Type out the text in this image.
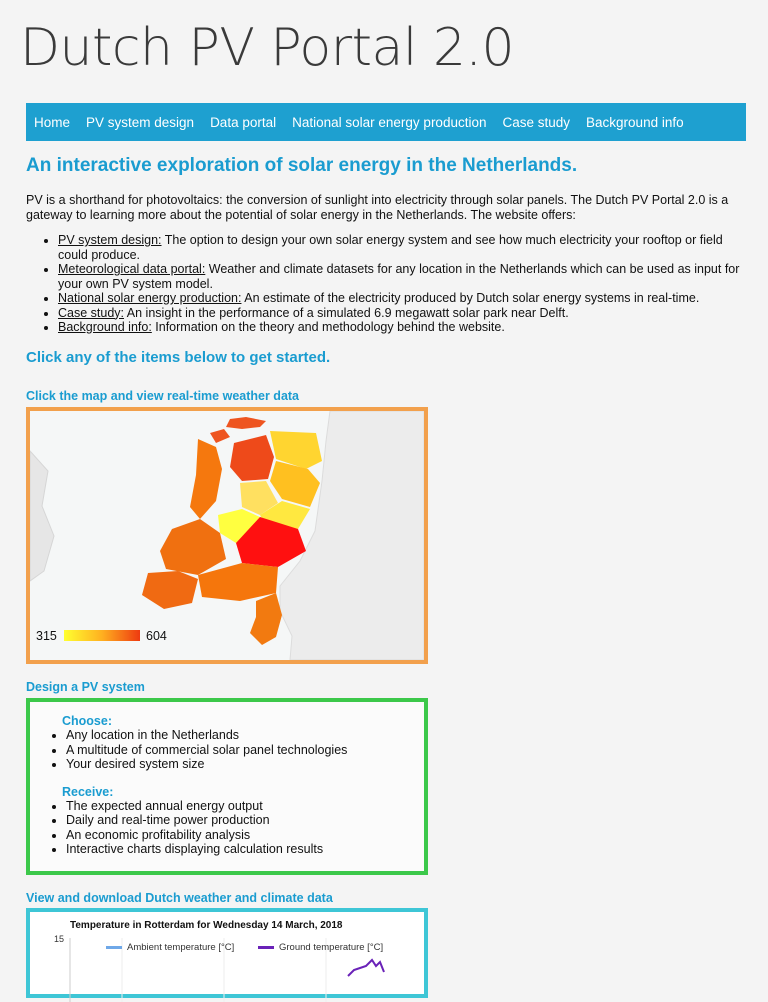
Dutch PV Portal 2.0
Home PV system design Data portal National solar energy production Case study Background info
An interactive exploration of solar energy in the Netherlands.

PV is a shorthand for photovoltaics: the conversion of sunlight into electricity through solar panels. The Dutch PV Portal 2.0 is a gateway to learning more about the potential of solar energy in the Netherlands. The website offers:

• PV system design: The option to design your own solar energy system and see how much electricity your rooftop or field could produce.
• Meteorological data portal: Weather and climate datasets for any location in the Netherlands which can be used as input for your own PV system model.
• National solar energy production: An estimate of the electricity produced by Dutch solar energy systems in real-time.
• Case study: An insight in the performance of a simulated 6.9 megawatt solar park near Delft.
• Background info: Information on the theory and methodology behind the website.
Click any of the items below to get started.
Click the map and view real-time weather data
315	604
Design a PV system
Choose:
• Any location in the Netherlands
• A multitude of commercial solar panel technologies
• Your desired system size
Receive:
• The expected annual energy output
• Daily and real-time power production
• An economic profitability analysis
• Interactive charts displaying calculation results
View and download Dutch weather and climate data
Temperature in Rotterdam for Wednesday 14 March, 2018
15
Ambient temperature [°C]	Ground temperature [°C]
